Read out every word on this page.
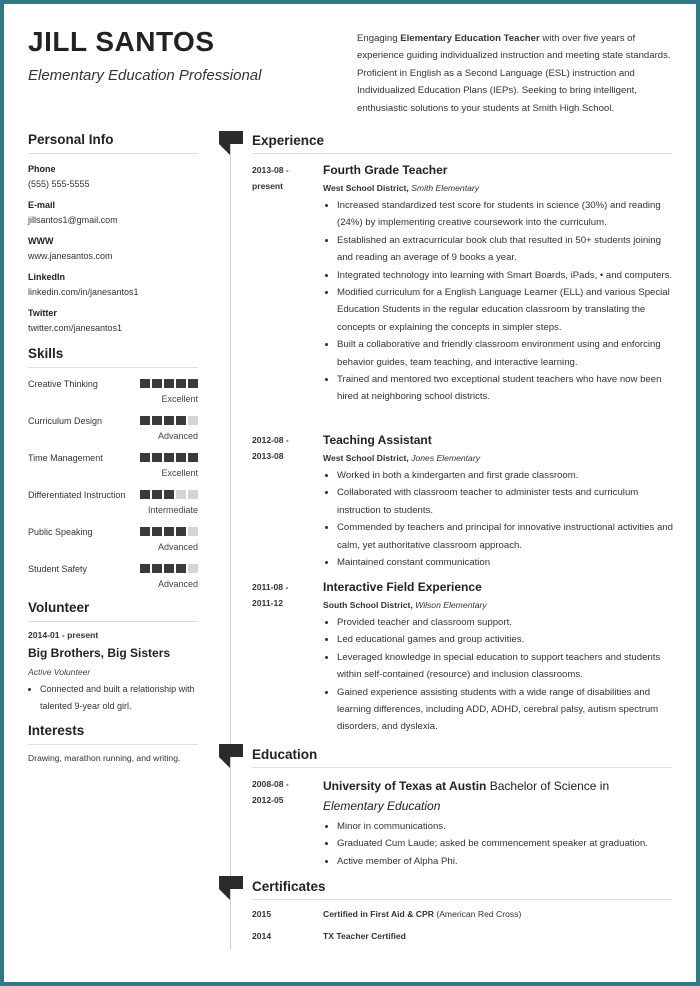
JILL SANTOS
Elementary Education Professional
Engaging Elementary Education Teacher with over five years of experience guiding individualized instruction and meeting state standards. Proficient in English as a Second Language (ESL) instruction and Individualized Education Plans (IEPs). Seeking to bring intelligent, enthusiastic solutions to your students at Smith High School.
Personal Info
Phone
(555) 555-5555
E-mail
jillsantos1@gmail.com
WWW
www.janesantos.com
LinkedIn
linkedin.com/in/janesantos1
Twitter
twitter.com/janesantos1
Skills
Creative Thinking
Excellent
Curriculum Design
Advanced
Time Management
Excellent
Differentiated Instruction
Intermediate
Public Speaking
Advanced
Student Safety
Advanced
Volunteer
2014-01 - present
Big Brothers, Big Sisters
Active Volunteer
• Connected and built a relationship with talented 9-year old girl.
Interests
Drawing, marathon running, and writing.
Experience
2013-08 -
present
Fourth Grade Teacher
West School District, Smith Elementary
• Increased standardized test score for students in science (30%) and reading (24%) by implementing creative coursework into the curriculum.
• Established an extracurricular book club that resulted in 50+ students joining and reading an average of 9 books a year.
• Integrated technology into learning with Smart Boards, iPads, • and computers.
• Modified curriculum for a English Language Learner (ELL) and various Special Education Students in the regular education classroom by translating the concepts or explaining the concepts in simpler steps.
• Built a collaborative and friendly classroom environment using and enforcing behavior guides, team teaching, and interactive learning.
• Trained and mentored two exceptional student teachers who have now been hired at neighboring school districts.
2012-08 -
2013-08
Teaching Assistant
West School District, Jones Elementary
• Worked in both a kindergarten and first grade classroom.
• Collaborated with classroom teacher to administer tests and curriculum instruction to students.
• Commended by teachers and principal for innovative instructional activities and calm, yet authoritative classroom approach.
• Maintained constant communication
2011-08 -
2011-12
Interactive Field Experience
South School District, Wilson Elementary
• Provided teacher and classroom support.
• Led educational games and group activities.
• Leveraged knowledge in special education to support teachers and students within self-contained (resource) and inclusion classrooms.
• Gained experience assisting students with a wide range of disabilities and learning differences, including ADD, ADHD, cerebral palsy, autism spectrum disorders, and dyslexia.
Education
2008-08 -
2012-05
University of Texas at Austin Bachelor of Science in Elementary Education
• Minor in communications.
• Graduated Cum Laude; asked be commencement speaker at graduation.
• Active member of Alpha Phi.
Certificates
2015	Certified in First Aid & CPR (American Red Cross)
2014	TX Teacher Certified
